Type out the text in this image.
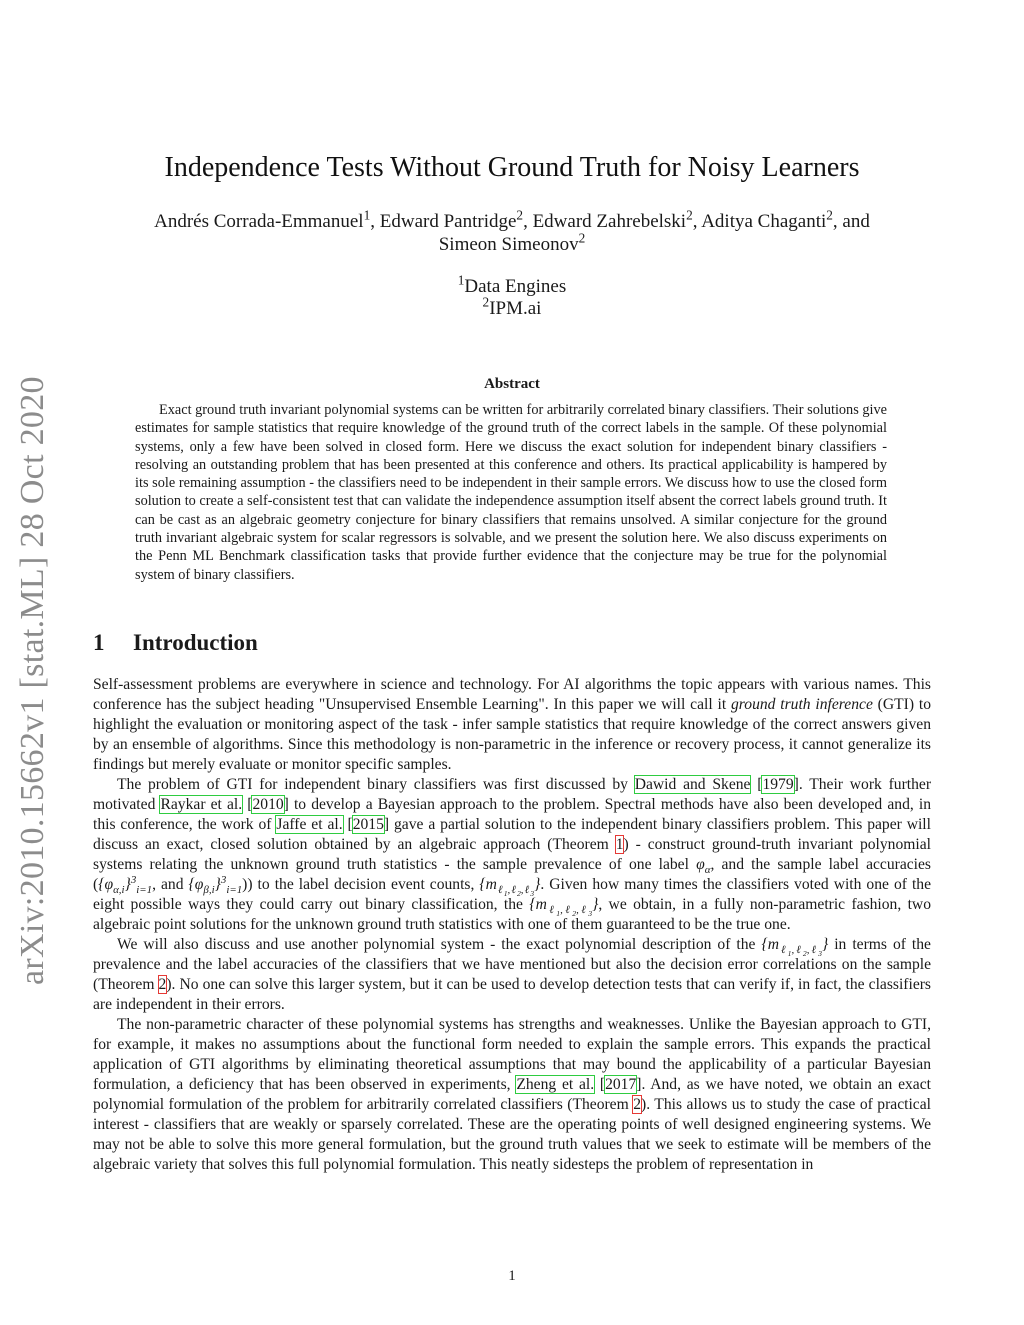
arXiv:2010.15662v1 [stat.ML] 28 Oct 2020
Independence Tests Without Ground Truth for Noisy Learners
Andrés Corrada-Emmanuel$^1$, Edward Pantridge$^2$, Edward Zahrebelski$^2$, Aditya Chaganti$^2$, and
Simeon Simeonov$^2$
$^1$Data Engines
$^2$IPM.ai
Abstract

Exact ground truth invariant polynomial systems can be written for arbitrarily correlated binary classifiers. Their solutions give estimates for sample statistics that require knowledge of the ground truth of the correct labels in the sample. Of these polynomial systems, only a few have been solved in closed form. Here we discuss the exact solution for independent binary classifiers - resolving an outstanding problem that has been presented at this conference and others. Its practical applicability is hampered by its sole remaining assumption - the classifiers need to be independent in their sample errors. We discuss how to use the closed form solution to create a self-consistent test that can validate the independence assumption itself absent the correct labels ground truth. It can be cast as an algebraic geometry conjecture for binary classifiers that remains unsolved. A similar conjecture for the ground truth invariant algebraic system for scalar regressors is solvable, and we present the solution here. We also discuss experiments on the Penn ML Benchmark classification tasks that provide further evidence that the conjecture may be true for the polynomial system of binary classifiers.

1 Introduction

Self-assessment problems are everywhere in science and technology. For AI algorithms the topic appears with various names. This conference has the subject heading "Unsupervised Ensemble Learning". In this paper we will call it ground truth inference (GTI) to highlight the evaluation or monitoring aspect of the task - infer sample statistics that require knowledge of the correct answers given by an ensemble of algorithms. Since this methodology is non-parametric in the inference or recovery process, it cannot generalize its findings but merely evaluate or monitor specific samples.

The problem of GTI for independent binary classifiers was first discussed by Dawid and Skene [1979]. Their work further motivated Raykar et al. [2010] to develop a Bayesian approach to the problem. Spectral methods have also been developed and, in this conference, the work of Jaffe et al. [2015] gave a partial solution to the independent binary classifiers problem. This paper will discuss an exact, closed solution obtained by an algebraic approach (Theorem 1) - construct ground-truth invariant polynomial systems relating the unknown ground truth statistics - the sample prevalence of one label $\varphi_\alpha$, and the sample label accuracies ($\{\varphi_{\alpha,i}\}^3_{i=1}$, and $\{\varphi_{\beta,i}\}^3_{i=1}$)) to the label decision event counts, $\{m_{\ell_1,\ell_2,\ell_3}\}$. Given how many times the classifiers voted with one of the eight possible ways they could carry out binary classification, the $\{m_{\ell_1,\ell_2,\ell_3}\}$, we obtain, in a fully non-parametric fashion, two algebraic point solutions for the unknown ground truth statistics with one of them guaranteed to be the true one.

We will also discuss and use another polynomial system - the exact polynomial description of the $\{m_{\ell_1,\ell_2,\ell_3}\}$ in terms of the prevalence and the label accuracies of the classifiers that we have mentioned but also the decision error correlations on the sample (Theorem 2). No one can solve this larger system, but it can be used to develop detection tests that can verify if, in fact, the classifiers are independent in their errors.

The non-parametric character of these polynomial systems has strengths and weaknesses. Unlike the Bayesian approach to GTI, for example, it makes no assumptions about the functional form needed to explain the sample errors. This expands the practical application of GTI algorithms by eliminating theoretical assumptions that may bound the applicability of a particular Bayesian formulation, a deficiency that has been observed in experiments, Zheng et al. [2017]. And, as we have noted, we obtain an exact polynomial formulation of the problem for arbitrarily correlated classifiers (Theorem 2). This allows us to study the case of practical interest - classifiers that are weakly or sparsely correlated. These are the operating points of well designed engineering systems. We may not be able to solve this more general formulation, but the ground truth values that we seek to estimate will be members of the algebraic variety that solves this full polynomial formulation. This neatly sidesteps the problem of representation in

1
